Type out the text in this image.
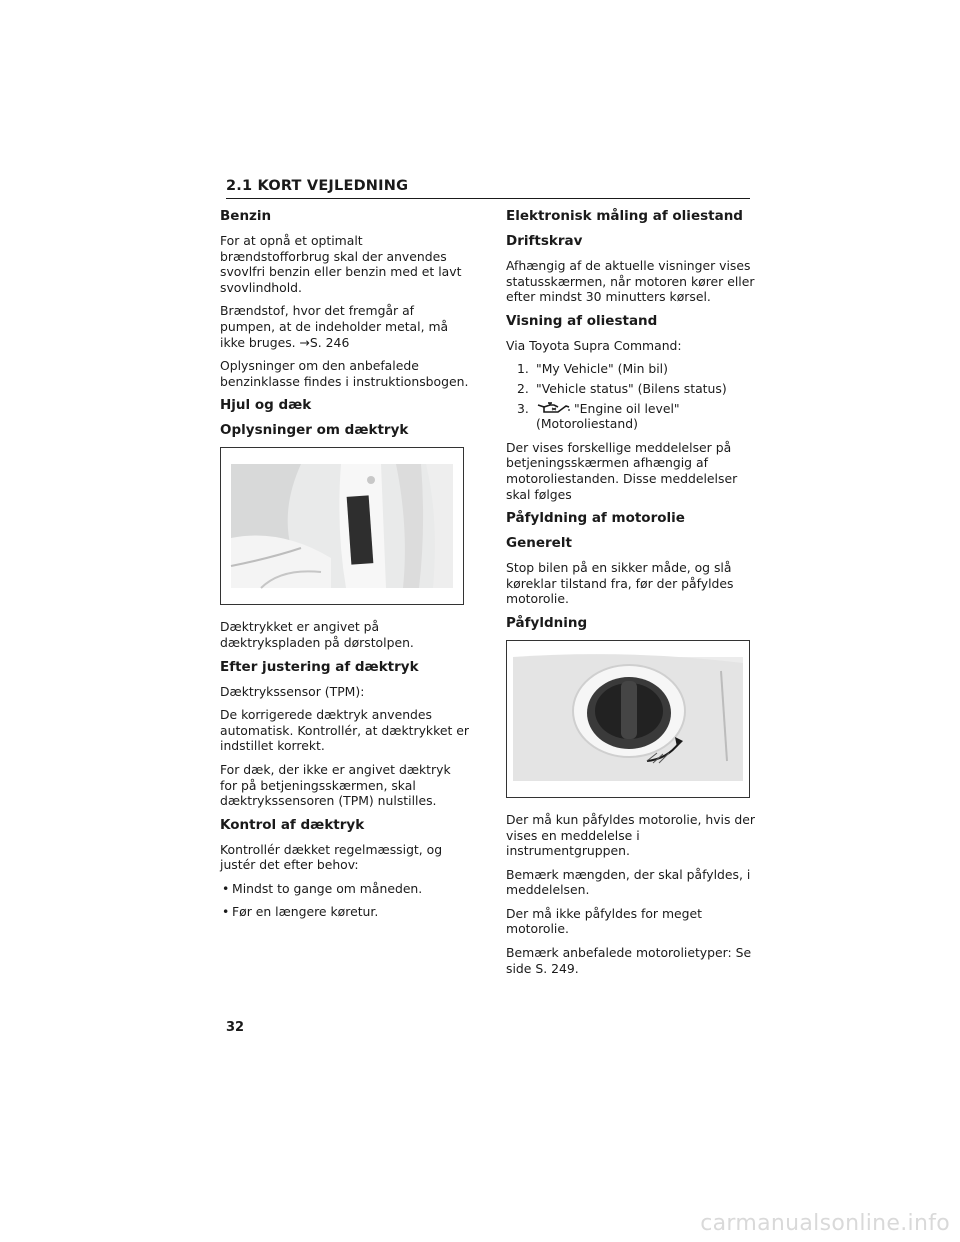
2.1 KORT VEJLEDNING
Benzin

For at opnå et optimalt brændstofforbrug skal der anvendes svovlfri benzin eller benzin med et lavt svovlindhold.

Brændstof, hvor det fremgår af pumpen, at de indeholder metal, må ikke bruges. →S. 246

Oplysninger om den anbefalede benzinklasse findes i instruktionsbogen.

Hjul og dæk
Oplysninger om dæktryk

Dæktrykket er angivet på dæktrykspladen på dørstolpen.

Efter justering af dæktryk

Dæktrykssensor (TPM):

De korrigerede dæktryk anvendes automatisk. Kontrollér, at dæktrykket er indstillet korrekt.

For dæk, der ikke er angivet dæktryk for på betjeningsskærmen, skal dæktrykssensoren (TPM) nulstilles.

Kontrol af dæktryk

Kontrollér dækket regelmæssigt, og justér det efter behov:

• Mindst to gange om måneden.
• Før en længere køretur.
Elektronisk måling af oliestand
Driftskrav

Afhængig af de aktuelle visninger vises statusskærmen, når motoren kører eller efter mindst 30 minutters kørsel.

Visning af oliestand

Via Toyota Supra Command:

1. "My Vehicle" (Min bil)
2. "Vehicle status" (Bilens status)
3.	"Engine oil level" (Motoroliestand)

Der vises forskellige meddelelser på betjeningsskærmen afhængig af motoroliestanden. Disse meddelelser skal følges

Påfyldning af motorolie
Generelt

Stop bilen på en sikker måde, og slå køreklar tilstand fra, før der påfyldes motorolie.

Påfyldning

Der må kun påfyldes motorolie, hvis der vises en meddelelse i instrumentgruppen.

Bemærk mængden, der skal påfyldes, i meddelelsen.

Der må ikke påfyldes for meget motorolie.

Bemærk anbefalede motorolietyper: Se side S. 249.

32
carmanualsonline.info
